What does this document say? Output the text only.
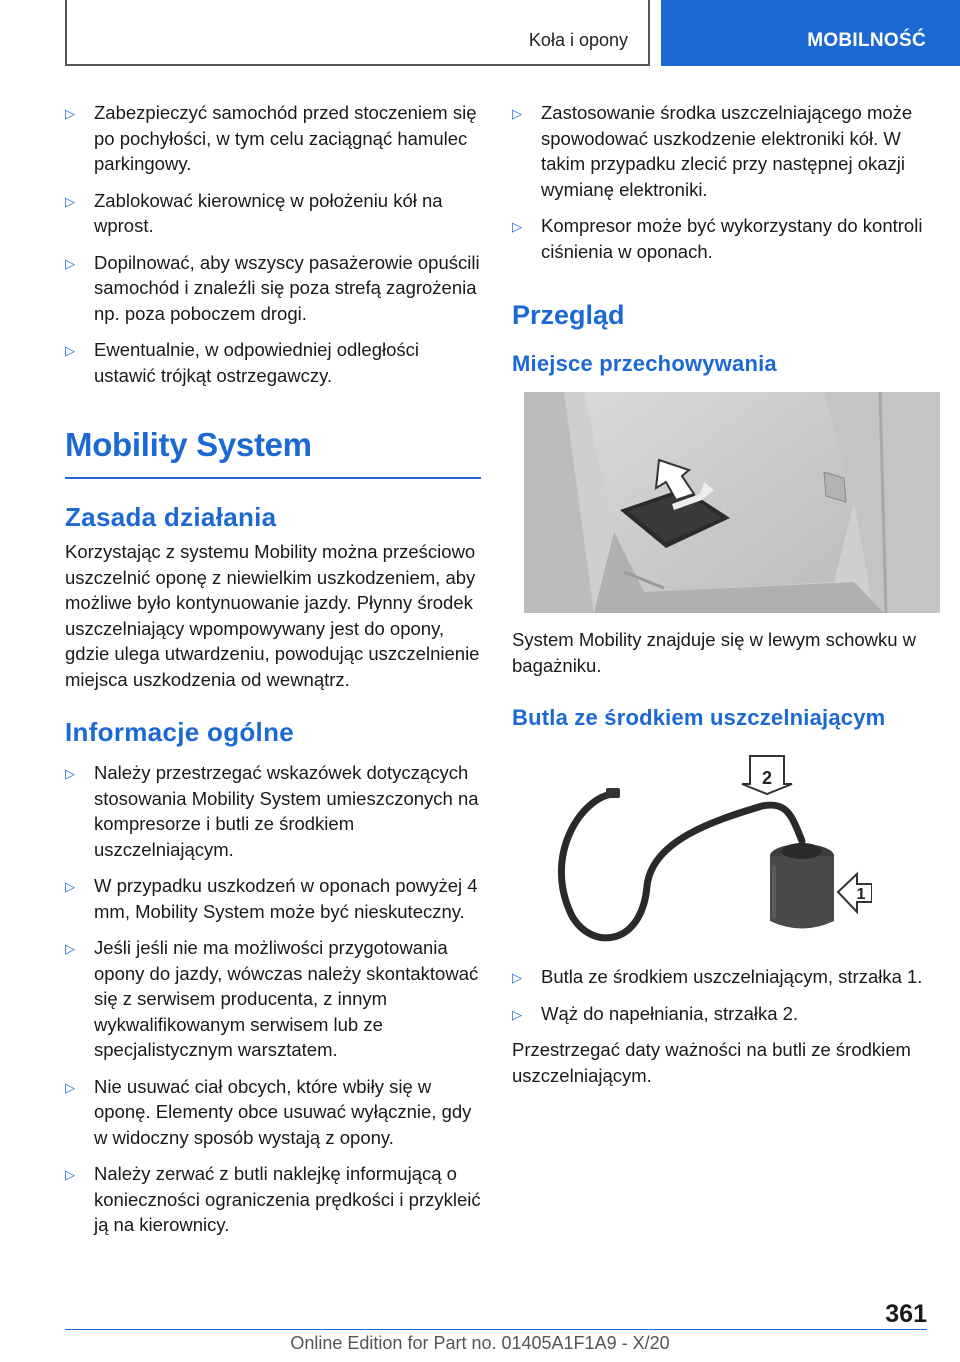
Koła i opony	MOBILNOŚĆ
▷ Zabezpieczyć samochód przed stoczeniem się po pochyłości, w tym celu zaciągnąć hamulec parkingowy.
▷ Zablokować kierownicę w położeniu kół na wprost.
▷ Dopilnować, aby wszyscy pasażerowie opuścili samochód i znaleźli się poza strefą zagrożenia np. poza poboczem drogi.
▷ Ewentualnie, w odpowiedniej odległości ustawić trójkąt ostrzegawczy.
Mobility System
Zasada działania

Korzystając z systemu Mobility można prześciowo uszczelnić oponę z niewielkim uszkodzeniem, aby możliwe było kontynuowanie jazdy. Płynny środek uszczelniający wpompowywany jest do opony, gdzie ulega utwardzeniu, powodując uszczelnienie miejsca uszkodzenia od wewnątrz.

Informacje ogólne
▷ Należy przestrzegać wskazówek dotyczących stosowania Mobility System umieszczonych na kompresorze i butli ze środkiem uszczelniającym.
▷ W przypadku uszkodzeń w oponach powyżej 4 mm, Mobility System może być nieskuteczny.
▷ Jeśli jeśli nie ma możliwości przygotowania opony do jazdy, wówczas należy skontaktować się z serwisem producenta, z innym wykwalifikowanym serwisem lub ze specjalistycznym warsztatem.
▷ Nie usuwać ciał obcych, które wbiły się w oponę. Elementy obce usuwać wyłącznie, gdy w widoczny sposób wystają z opony.
▷ Należy zerwać z butli naklejkę informującą o konieczności ograniczenia prędkości i przykleić ją na kierownicy.
▷ Zastosowanie środka uszczelniającego może spowodować uszkodzenie elektroniki kół. W takim przypadku zlecić przy następnej okazji wymianę elektroniki.
▷ Kompresor może być wykorzystany do kontroli ciśnienia w oponach.
Przegląd
Miejsce przechowywania

System Mobility znajduje się w lewym schowku w bagażniku.

Butla ze środkiem uszczelniającym
2
1
▷ Butla ze środkiem uszczelniającym, strzałka 1.
▷ Wąż do napełniania, strzałka 2.

Przestrzegać daty ważności na butli ze środkiem uszczelniającym.

361
Online Edition for Part no. 01405A1F1A9 - X/20
